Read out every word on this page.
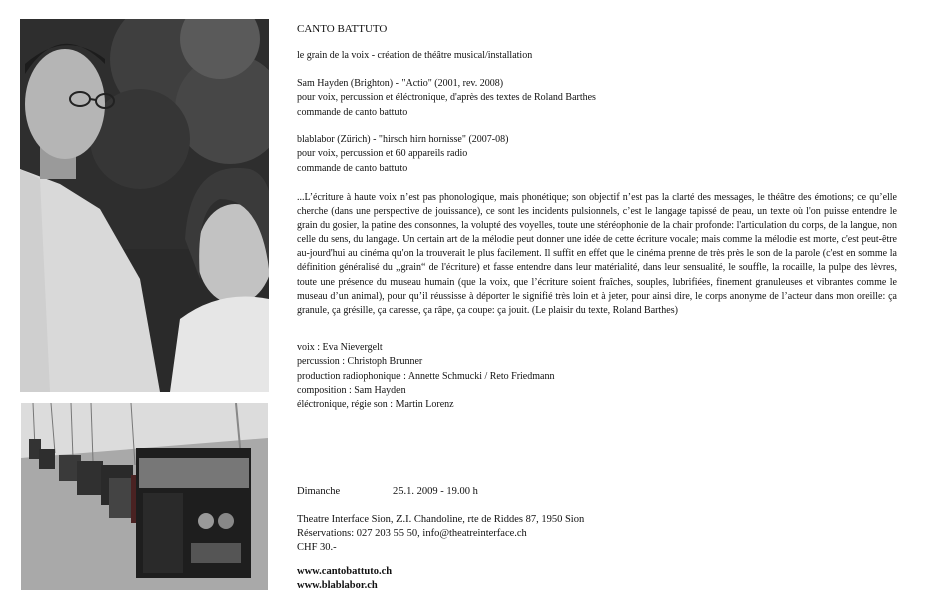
CANTO BATTUTO
le grain de la voix - création de théâtre musical/installation
Sam Hayden (Brighton) - "Actio" (2001, rev. 2008)
pour voix, percussion et éléctronique, d'après des textes de Roland Barthes
commande de canto battuto
blablabor (Zürich) - "hirsch hirn hornisse" (2007-08)
pour voix, percussion et 60 appareils radio
commande de canto battuto
...L’écriture à haute voix n’est pas phonologique, mais phonétique; son objectif n’est pas la clarté des messages, le théâtre des émotions; ce qu’elle cherche (dans une perspective de jouissance), ce sont les incidents pulsionnels, c’est le langage tapissé de peau, un texte où l'on puisse entendre le grain du gosier, la patine des consonnes, la volupté des voyelles, toute une stéréophonie de la chair profonde: l'articulation du corps, de la langue, non celle du sens, du langage. Un certain art de la mélodie peut donner une idée de cette écriture vocale; mais comme la mélodie est morte, c'est peut-être au-jourd'hui au cinéma qu'on la trouverait le plus facilement. Il suffit en effet que le cinéma prenne de très près le son de la parole (c'est en somme la définition généralisé du „grain“ de l'écriture) et fasse entendre dans leur matérialité, dans leur sensualité, le souffle, la rocaille, la pulpe des lèvres, toute une présence du museau humain (que la voix, que l’écriture soient fraîches, souples, lubrifiées, finement granuleuses et vibrantes comme le museau d’un animal), pour qu’il réussisse à déporter le signifié très loin et à jeter, pour ainsi dire, le corps anonyme de l’acteur dans mon oreille: ça granule, ça grésille, ça caresse, ça râpe, ça coupe: ça jouit. (Le plaisir du texte, Roland Barthes)
voix : Eva Nievergelt
percussion : Christoph Brunner
production radiophonique : Annette Schmucki / Reto Friedmann
composition : Sam Hayden
éléctronique, régie son : Martin Lorenz
Dimanche	25.1. 2009 - 19.00 h
Theatre Interface Sion, Z.I. Chandoline, rte de Riddes 87, 1950 Sion
Réservations: 027 203 55 50, info@theatreinterface.ch
CHF 30.-
www.cantobattuto.ch
www.blablabor.ch
